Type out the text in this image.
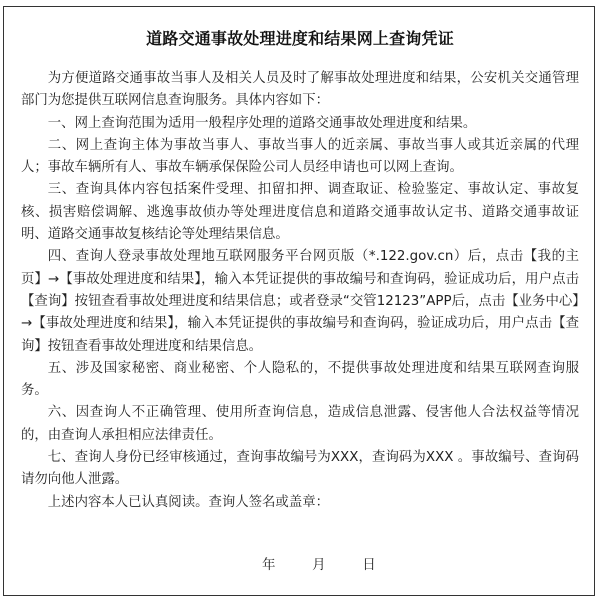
道路交通事故处理进度和结果网上查询凭证

为方便道路交通事故当事人及相关人员及时了解事故处理进度和结果，公安机关交通管理部门为您提供互联网信息查询服务。具体内容如下：

一、网上查询范围为适用一般程序处理的道路交通事故处理进度和结果。

二、网上查询主体为事故当事人、事故当事人的近亲属、事故当事人或其近亲属的代理人；事故车辆所有人、事故车辆承保保险公司人员经申请也可以网上查询。

三、查询具体内容包括案件受理、扣留扣押、调查取证、检验鉴定、事故认定、事故复核、损害赔偿调解、逃逸事故侦办等处理进度信息和道路交通事故认定书、道路交通事故证明、道路交通事故复核结论等处理结果信息。

四、查询人登录事故处理地互联网服务平台网页版（*.122.gov.cn）后，点击【我的主页】→【事故处理进度和结果】，输入本凭证提供的事故编号和查询码，验证成功后，用户点击【查询】按钮查看事故处理进度和结果信息；或者登录“交管12123”APP后，点击【业务中心】→【事故处理进度和结果】，输入本凭证提供的事故编号和查询码，验证成功后，用户点击【查询】按钮查看事故处理进度和结果信息。

五、涉及国家秘密、商业秘密、个人隐私的，不提供事故处理进度和结果互联网查询服务。

六、因查询人不正确管理、使用所查询信息，造成信息泄露、侵害他人合法权益等情况的，由查询人承担相应法律责任。

七、查询人身份已经审核通过，查询事故编号为XXX，查询码为XXX 。事故编号、查询码请勿向他人泄露。

上述内容本人已认真阅读。查询人签名或盖章：

年	月	日
